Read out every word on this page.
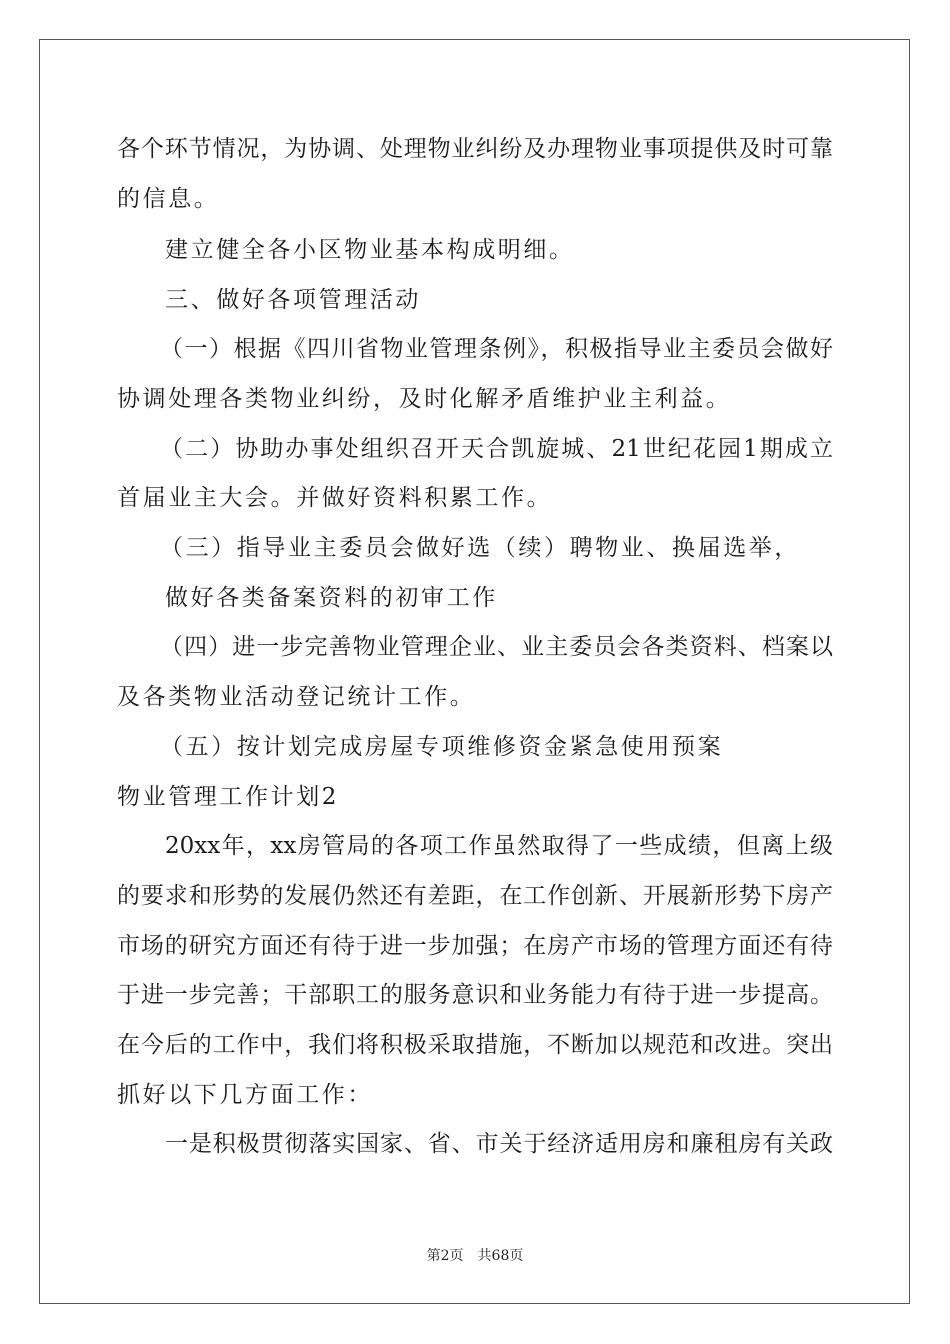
各个环节情况，为协调、处理物业纠纷及办理物业事项提供及时可靠
的信息。
建立健全各小区物业基本构成明细。
三、做好各项管理活动
（一）根据《四川省物业管理条例》，积极指导业主委员会做好
协调处理各类物业纠纷，及时化解矛盾维护业主利益。
（二）协助办事处组织召开天合凯旋城、21世纪花园1期成立
首届业主大会。并做好资料积累工作。
（三）指导业主委员会做好选（续）聘物业、换届选举，
做好各类备案资料的初审工作
（四）进一步完善物业管理企业、业主委员会各类资料、档案以
及各类物业活动登记统计工作。
（五）按计划完成房屋专项维修资金紧急使用预案
物业管理工作计划2
20xx年，xx房管局的各项工作虽然取得了一些成绩，但离上级
的要求和形势的发展仍然还有差距，在工作创新、开展新形势下房产
市场的研究方面还有待于进一步加强；在房产市场的管理方面还有待
于进一步完善；干部职工的服务意识和业务能力有待于进一步提高。
在今后的工作中，我们将积极采取措施，不断加以规范和改进。突出
抓好以下几方面工作：
一是积极贯彻落实国家、省、市关于经济适用房和廉租房有关政
第2页　共68页
